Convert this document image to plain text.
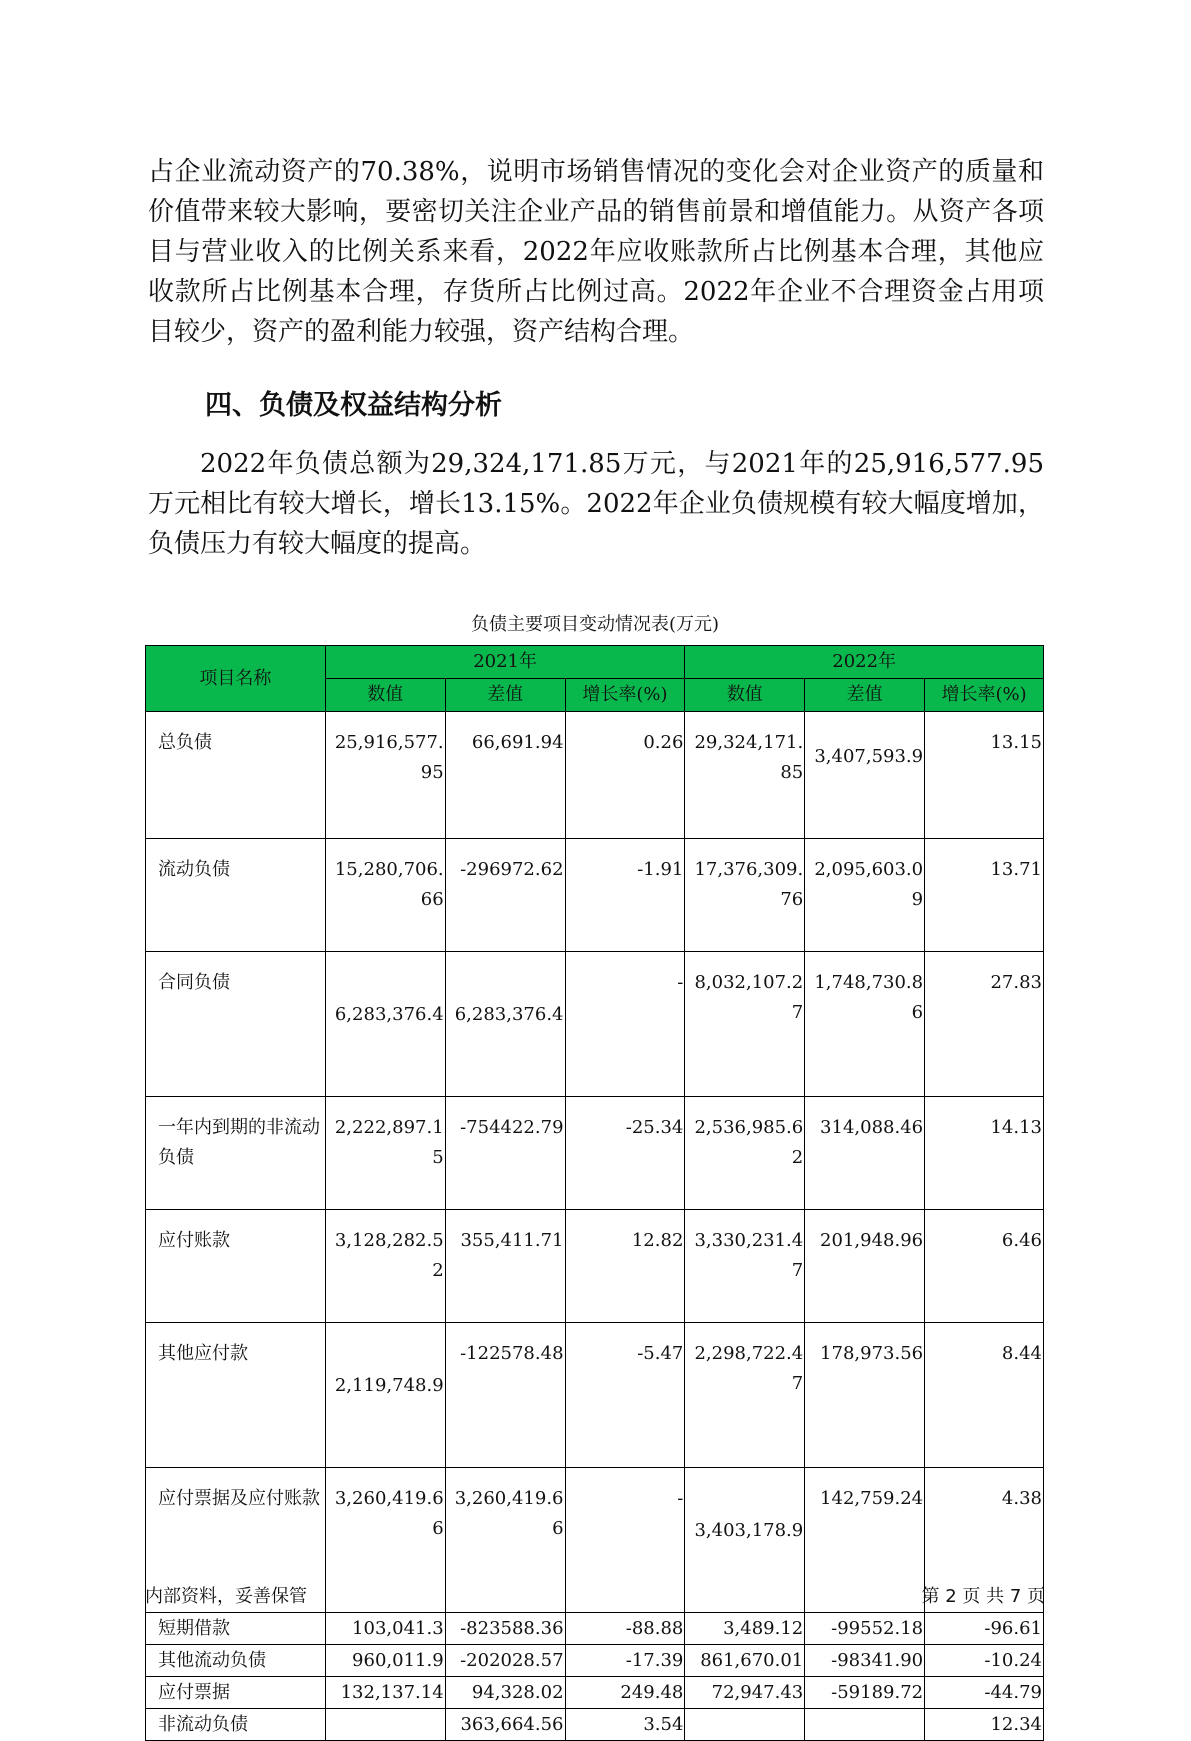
占企业流动资产的70.38%，说明市场销售情况的变化会对企业资产的质量和价值带来较大影响，要密切关注企业产品的销售前景和增值能力。从资产各项目与营业收入的比例关系来看，2022年应收账款所占比例基本合理，其他应收款所占比例基本合理，存货所占比例过高。2022年企业不合理资金占用项目较少，资产的盈利能力较强，资产结构合理。

四、负债及权益结构分析

2022年负债总额为29,324,171.85万元，与2021年的25,916,577.95万元相比有较大增长，增长13.15%。2022年企业负债规模有较大幅度增加，负债压力有较大幅度的提高。

负债主要项目变动情况表(万元)
项目名称	2021年			2022年		
	数值	差值	增长率(%)	数值	差值	增长率(%)
总负债	25,916,577.95	66,691.94	0.26	29,324,171.85	3,407,593.9	13.15
流动负债	15,280,706.66	-296972.62	-1.91	17,376,309.76	2,095,603.09	13.71
合同负债	6,283,376.4	6,283,376.4	-	8,032,107.27	1,748,730.86	27.83
一年内到期的非流动负债	2,222,897.15	-754422.79	-25.34	2,536,985.62	314,088.46	14.13
应付账款	3,128,282.52	355,411.71	12.82	3,330,231.47	201,948.96	6.46
其他应付款	2,119,748.9	-122578.48	-5.47	2,298,722.47	178,973.56	8.44
应付票据及应付账款	3,260,419.66	3,260,419.66	-	3,403,178.9	142,759.24	4.38
短期借款	103,041.3	-823588.36	-88.88	3,489.12	-99552.18	-96.61
其他流动负债	960,011.9	-202028.57	-17.39	861,670.01	-98341.90	-10.24
应付票据	132,137.14	94,328.02	249.48	72,947.43	-59189.72	-44.79
非流动负债		363,664.56	3.54			12.34
内部资料，妥善保管	第 2 页 共 7 页
